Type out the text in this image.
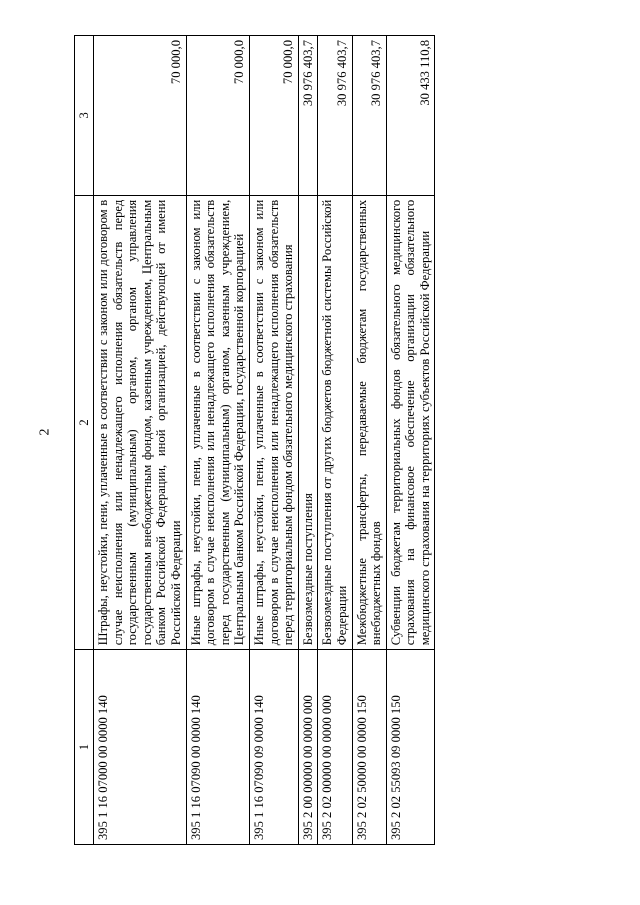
2
1	2	3
395 1 16 07000 00 0000 140	Штрафы, неустойки, пени, уплаченные в соответствии с законом или договором в случае неисполнения или ненадлежащего исполнения обязательств перед государственным (муниципальным) органом, органом управления государственным внебюджетным фондом, казенным учреждением, Центральным банком Российской Федерации, иной организацией, действующей от имени Российской Федерации	70 000,0
395 1 16 07090 00 0000 140	Иные штрафы, неустойки, пени, уплаченные в соответствии с законом или договором в случае неисполнения или ненадлежащего исполнения обязательств перед государственным (муниципальным) органом, казенным учреждением, Центральным банком Российской Федерации, государственной корпорацией	70 000,0
395 1 16 07090 09 0000 140	Иные штрафы, неустойки, пени, уплаченные в соответствии с законом или договором в случае неисполнения или ненадлежащего исполнения обязательств перед территориальным фондом обязательного медицинского страхования	70 000,0
395 2 00 00000 00 0000 000	Безвозмездные поступления	30 976 403,7
395 2 02 00000 00 0000 000	Безвозмездные поступления от других бюджетов бюджетной системы Российской Федерации	30 976 403,7
395 2 02 50000 00 0000 150	Межбюджетные трансферты, передаваемые бюджетам государственных внебюджетных фондов	30 976 403,7
395 2 02 55093 09 0000 150	Субвенции бюджетам территориальных фондов обязательного медицинского страхования на финансовое обеспечение организации обязательного медицинского страхования на территориях субъектов Российской Федерации	30 433 110,8
